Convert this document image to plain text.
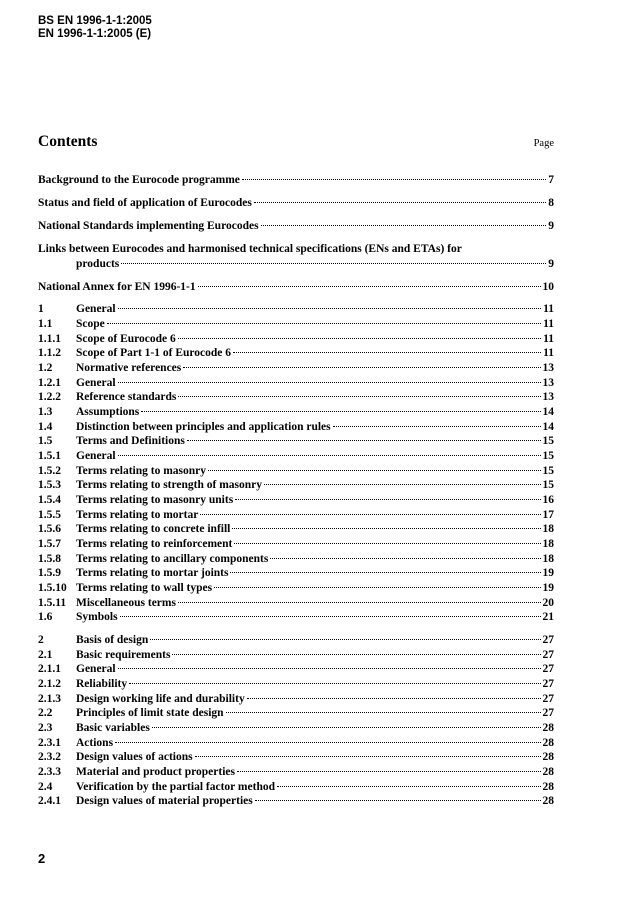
BS EN 1996-1-1:2005
EN 1996-1-1:2005 (E)
Contents	Page
Background to the Eurocode programme	7
Status and field of application of Eurocodes	8
National Standards implementing Eurocodes	9
Links between Eurocodes and harmonised technical specifications (ENs and ETAs) for
products	9
National Annex for EN 1996-1-1	10
1	General	11
1.1	Scope	11
1.1.1	Scope of Eurocode 6	11
1.1.2	Scope of Part 1-1 of Eurocode 6	11
1.2	Normative references	13
1.2.1	General	13
1.2.2	Reference standards	13
1.3	Assumptions	14
1.4	Distinction between principles and application rules	14
1.5	Terms and Definitions	15
1.5.1	General	15
1.5.2	Terms relating to masonry	15
1.5.3	Terms relating to strength of masonry	15
1.5.4	Terms relating to masonry units	16
1.5.5	Terms relating to mortar	17
1.5.6	Terms relating to concrete infill	18
1.5.7	Terms relating to reinforcement	18
1.5.8	Terms relating to ancillary components	18
1.5.9	Terms relating to mortar joints	19
1.5.10 Terms relating to wall types	19
1.5.11 Miscellaneous terms	20
1.6	Symbols	21
2	Basis of design	27
2.1	Basic requirements	27
2.1.1	General	27
2.1.2	Reliability	27
2.1.3	Design working life and durability	27
2.2	Principles of limit state design	27
2.3	Basic variables	28
2.3.1	Actions	28
2.3.2	Design values of actions	28
2.3.3	Material and product properties	28
2.4	Verification by the partial factor method	28
2.4.1	Design values of material properties	28
2
